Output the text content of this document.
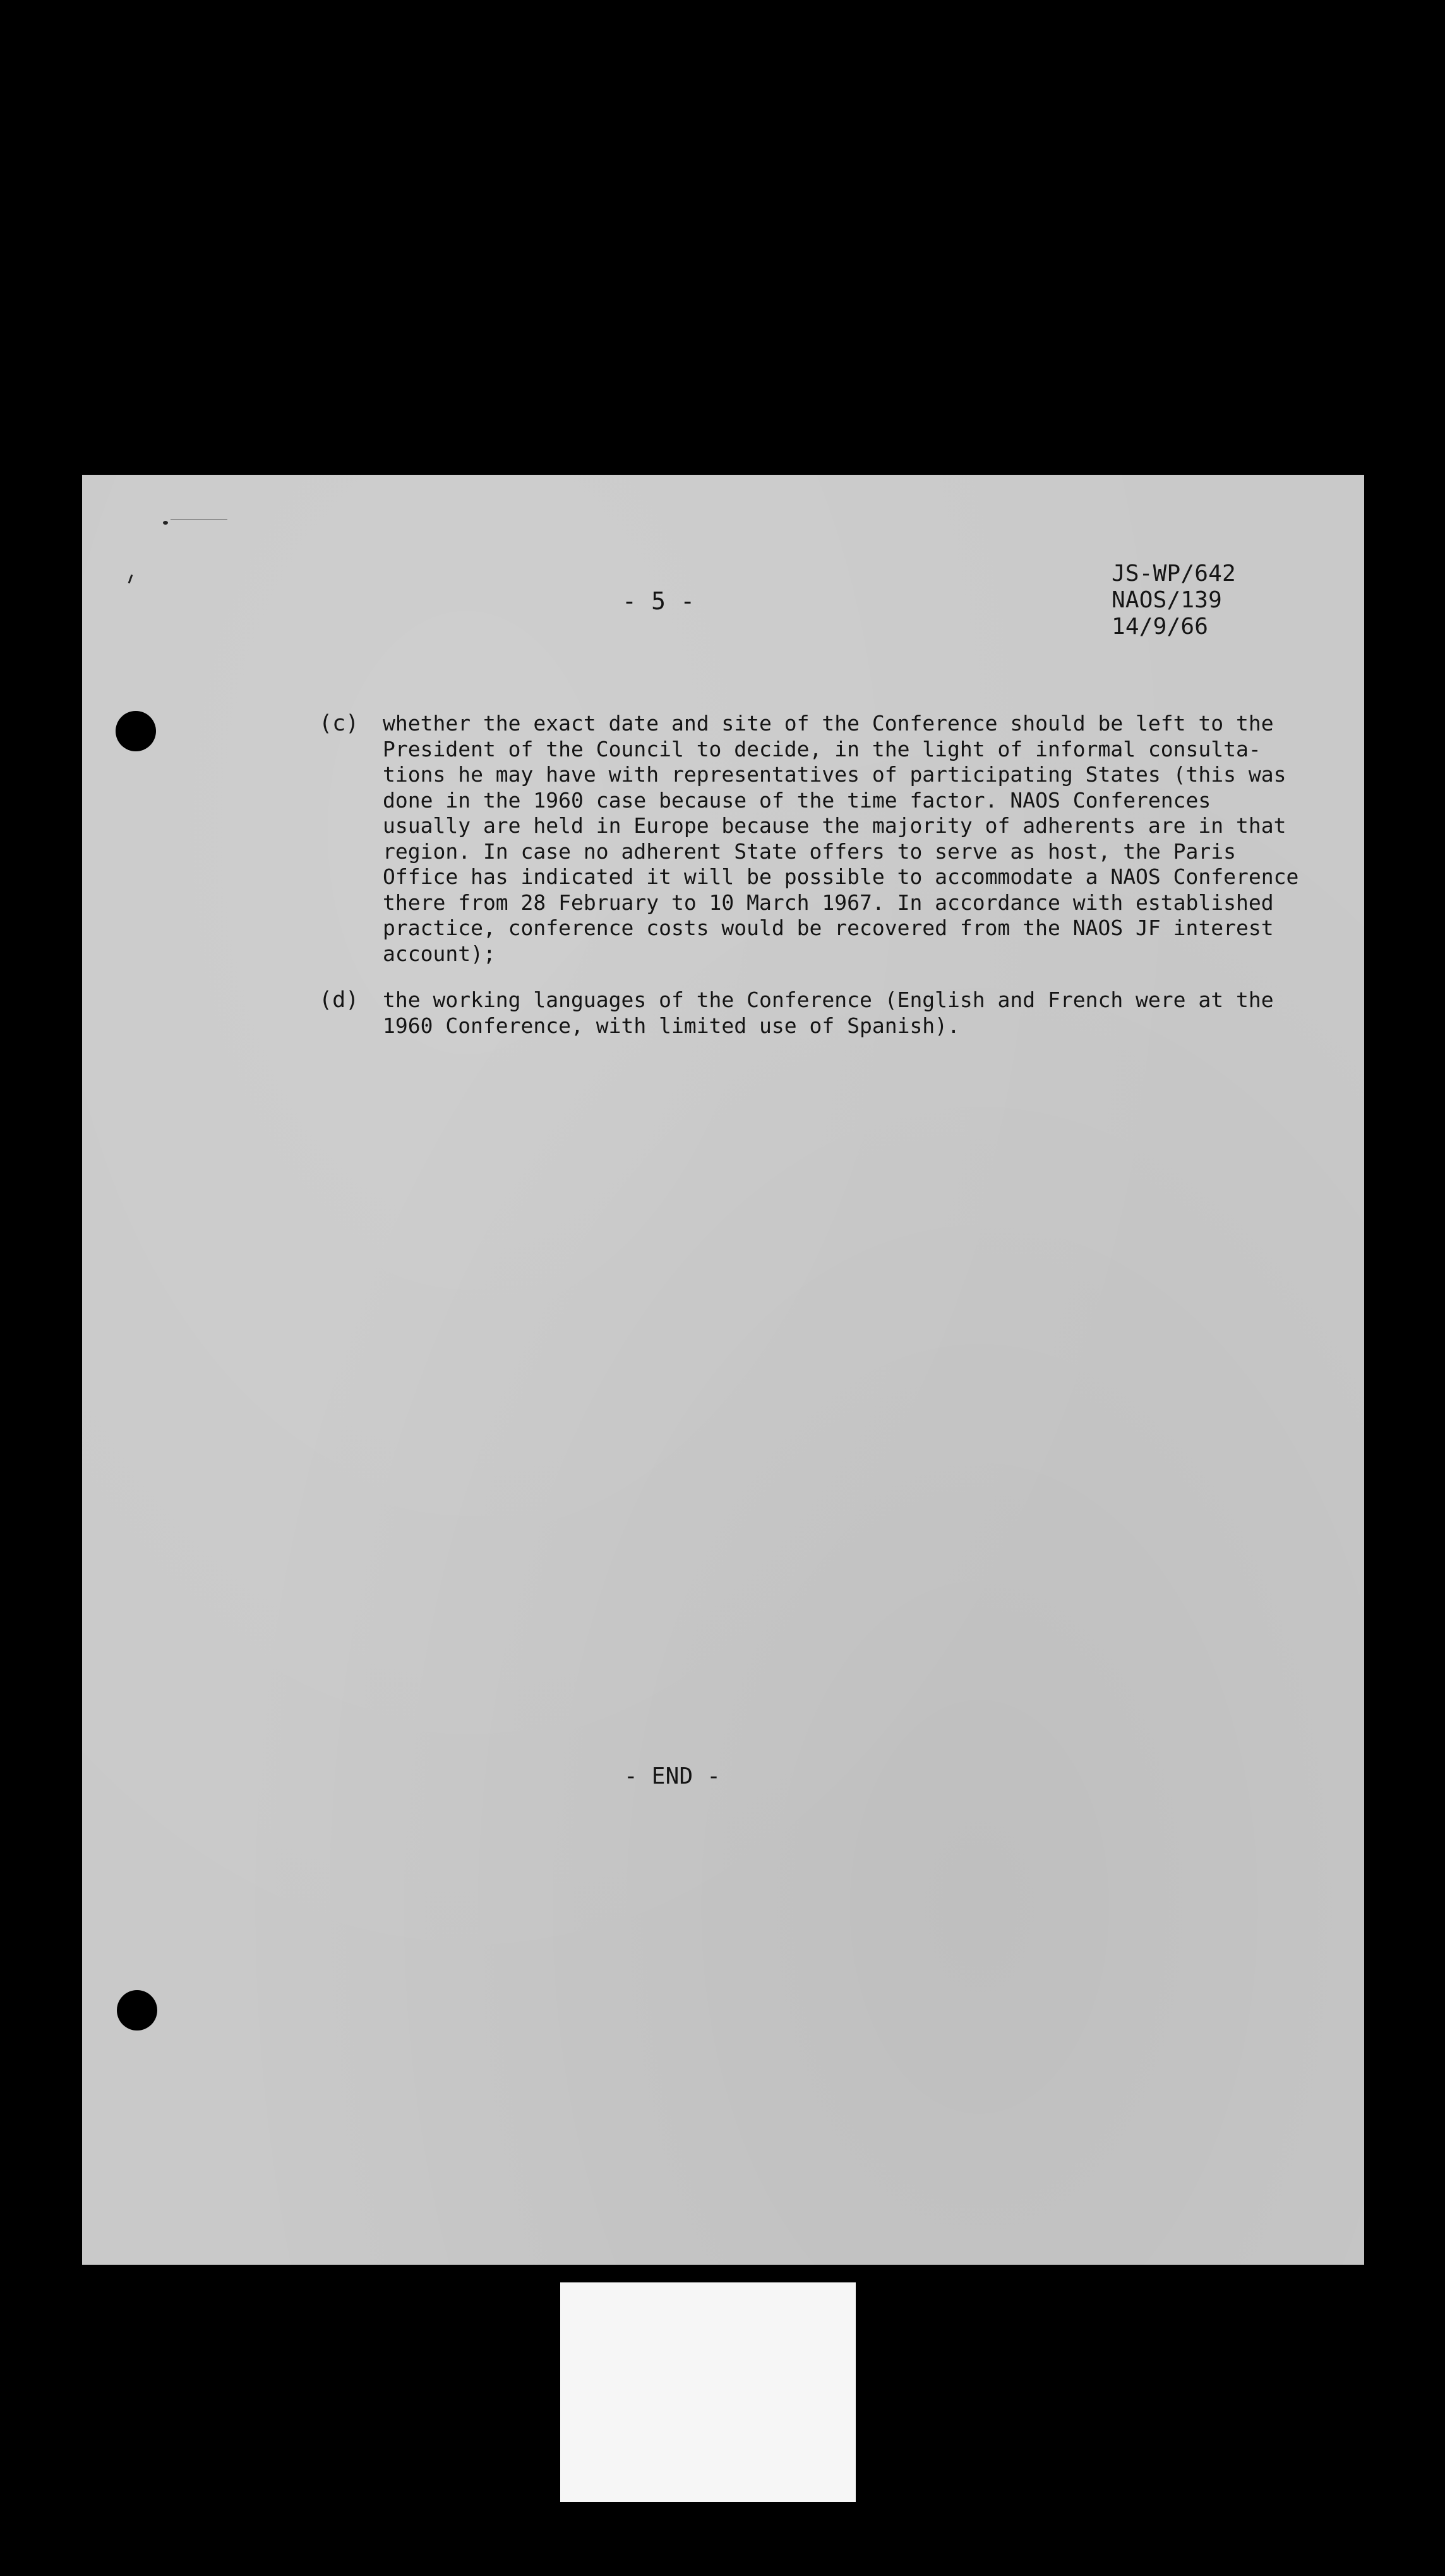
- 5 -
JS-WP/642
NAOS/139
14/9/66
(c) whether the exact date and site of the Conference should be left to the
President of the Council to decide, in the light of informal consulta-
tions he may have with representatives of participating States (this was
done in the 1960 case because of the time factor. NAOS Conferences
usually are held in Europe because the majority of adherents are in that
region. In case no adherent State offers to serve as host, the Paris
Office has indicated it will be possible to accommodate a NAOS Conference
there from 28 February to 10 March 1967. In accordance with established
practice, conference costs would be recovered from the NAOS JF interest
account);
(d) the working languages of the Conference (English and French were at the
1960 Conference, with limited use of Spanish).
- END -
